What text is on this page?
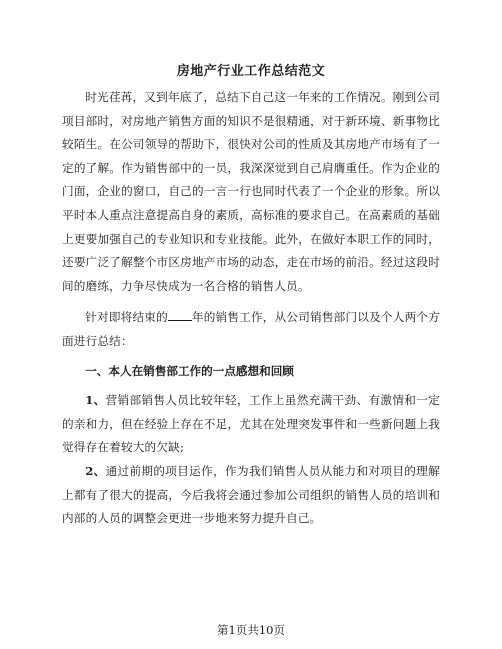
房地产行业工作总结范文

时光荏苒，又到年底了，总结下自己这一年来的工作情况。刚到公司项目部时，对房地产销售方面的知识不是很精通，对于新环境、新事物比较陌生。在公司领导的帮助下，很快对公司的性质及其房地产市场有了一定的了解。作为销售部中的一员，我深深觉到自己肩膺重任。作为企业的门面，企业的窗口，自己的一言一行也同时代表了一个企业的形象。所以平时本人重点注意提高自身的素质，高标准的要求自己。在高素质的基础上更要加强自己的专业知识和专业技能。此外，在做好本职工作的同时，还要广泛了解整个市区房地产市场的动态，走在市场的前沿。经过这段时间的磨练，力争尽快成为一名合格的销售人员。

针对即将结束的 年的销售工作，从公司销售部门以及个人两个方面进行总结：

一、本人在销售部工作的一点感想和回顾

1、营销部销售人员比较年轻，工作上虽然充满干劲、有激情和一定的亲和力，但在经验上存在不足，尤其在处理突发事件和一些新问题上我觉得存在着较大的欠缺;

2、通过前期的项目运作，作为我们销售人员从能力和对项目的理解上都有了很大的提高，今后我将会通过参加公司组织的销售人员的培训和内部的人员的调整会更进一步地来努力提升自己。

第1页共10页
